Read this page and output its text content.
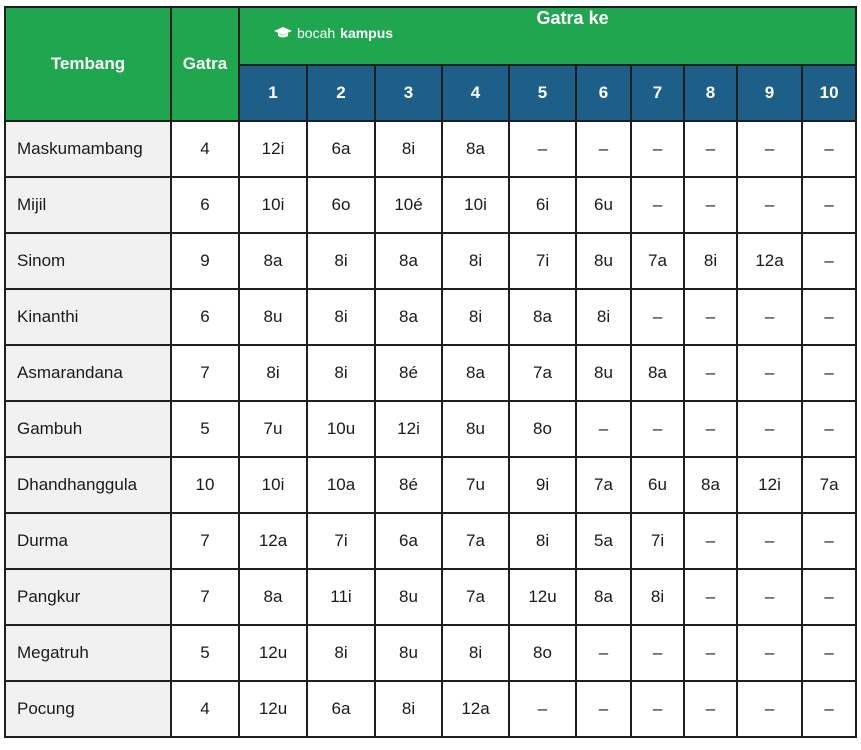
Tembang	Gatra	bocah kampus
Gatra ke									

		1	2	3	4	5	6	7	8	9	10
Maskumambang	4	12i	6a	8i	8a	–	–	–	–	–	–
Mijil	6	10i	6o	10é	10i	6i	6u	–	–	–	–
Sinom	9	8a	8i	8a	8i	7i	8u	7a	8i	12a	–
Kinanthi	6	8u	8i	8a	8i	8a	8i	–	–	–	–
Asmarandana	7	8i	8i	8é	8a	7a	8u	8a	–	–	–
Gambuh	5	7u	10u	12i	8u	8o	–	–	–	–	–
Dhandhanggula	10	10i	10a	8é	7u	9i	7a	6u	8a	12i	7a
Durma	7	12a	7i	6a	7a	8i	5a	7i	–	–	–
Pangkur	7	8a	11i	8u	7a	12u	8a	8i	–	–	–
Megatruh	5	12u	8i	8u	8i	8o	–	–	–	–	–
Pocung	4	12u	6a	8i	12a	–	–	–	–	–	–
